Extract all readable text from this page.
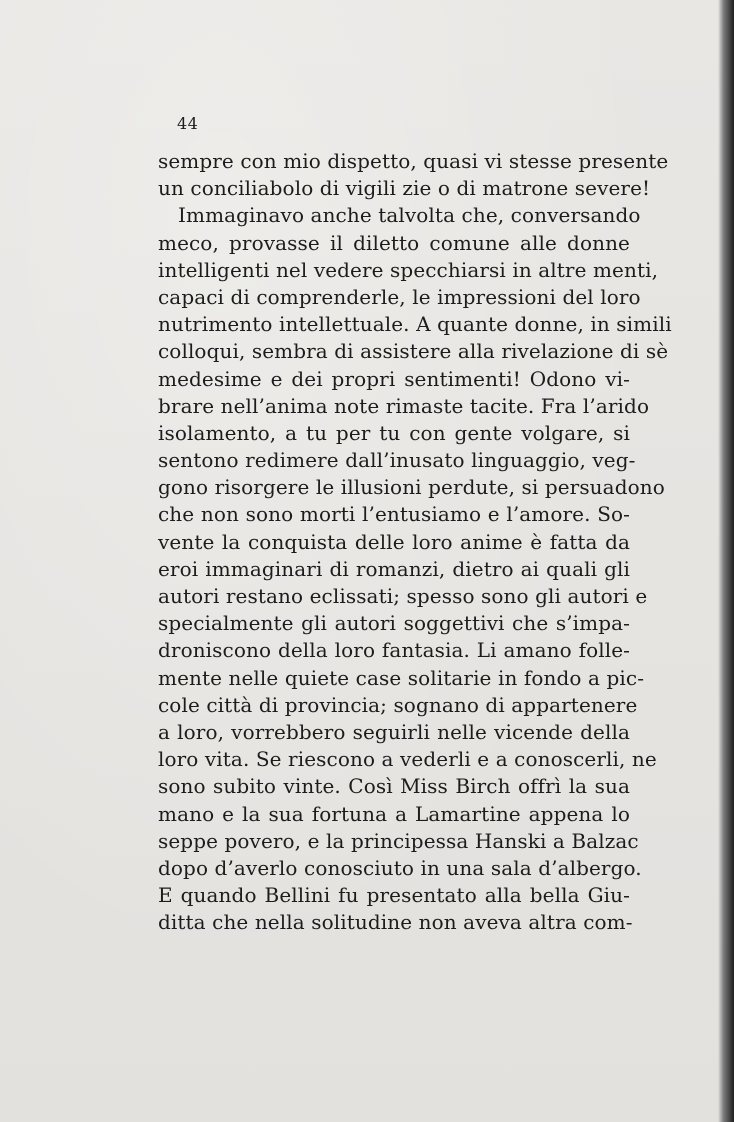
44
sempre con mio dispetto, quasi vi stesse presente
un conciliabolo di vigili zie o di matrone severe!
Immaginavo anche talvolta che, conversando
meco, provasse il diletto comune alle donne
intelligenti nel vedere specchiarsi in altre menti,
capaci di comprenderle, le impressioni del loro
nutrimento intellettuale. A quante donne, in simili
colloqui, sembra di assistere alla rivelazione di sè
medesime e dei propri sentimenti! Odono vi-
brare nell’anima note rimaste tacite. Fra l’arido
isolamento, a tu per tu con gente volgare, si
sentono redimere dall’inusato linguaggio, veg-
gono risorgere le illusioni perdute, si persuadono
che non sono morti l’entusiamo e l’amore. So-
vente la conquista delle loro anime è fatta da
eroi immaginari di romanzi, dietro ai quali gli
autori restano eclissati; spesso sono gli autori e
specialmente gli autori soggettivi che s’impa-
droniscono della loro fantasia. Li amano folle-
mente nelle quiete case solitarie in fondo a pic-
cole città di provincia; sognano di appartenere
a loro, vorrebbero seguirli nelle vicende della
loro vita. Se riescono a vederli e a conoscerli, ne
sono subito vinte. Così Miss Birch offrì la sua
mano e la sua fortuna a Lamartine appena lo
seppe povero, e la principessa Hanski a Balzac
dopo d’averlo conosciuto in una sala d’albergo.
E quando Bellini fu presentato alla bella Giu-
ditta che nella solitudine non aveva altra com-
